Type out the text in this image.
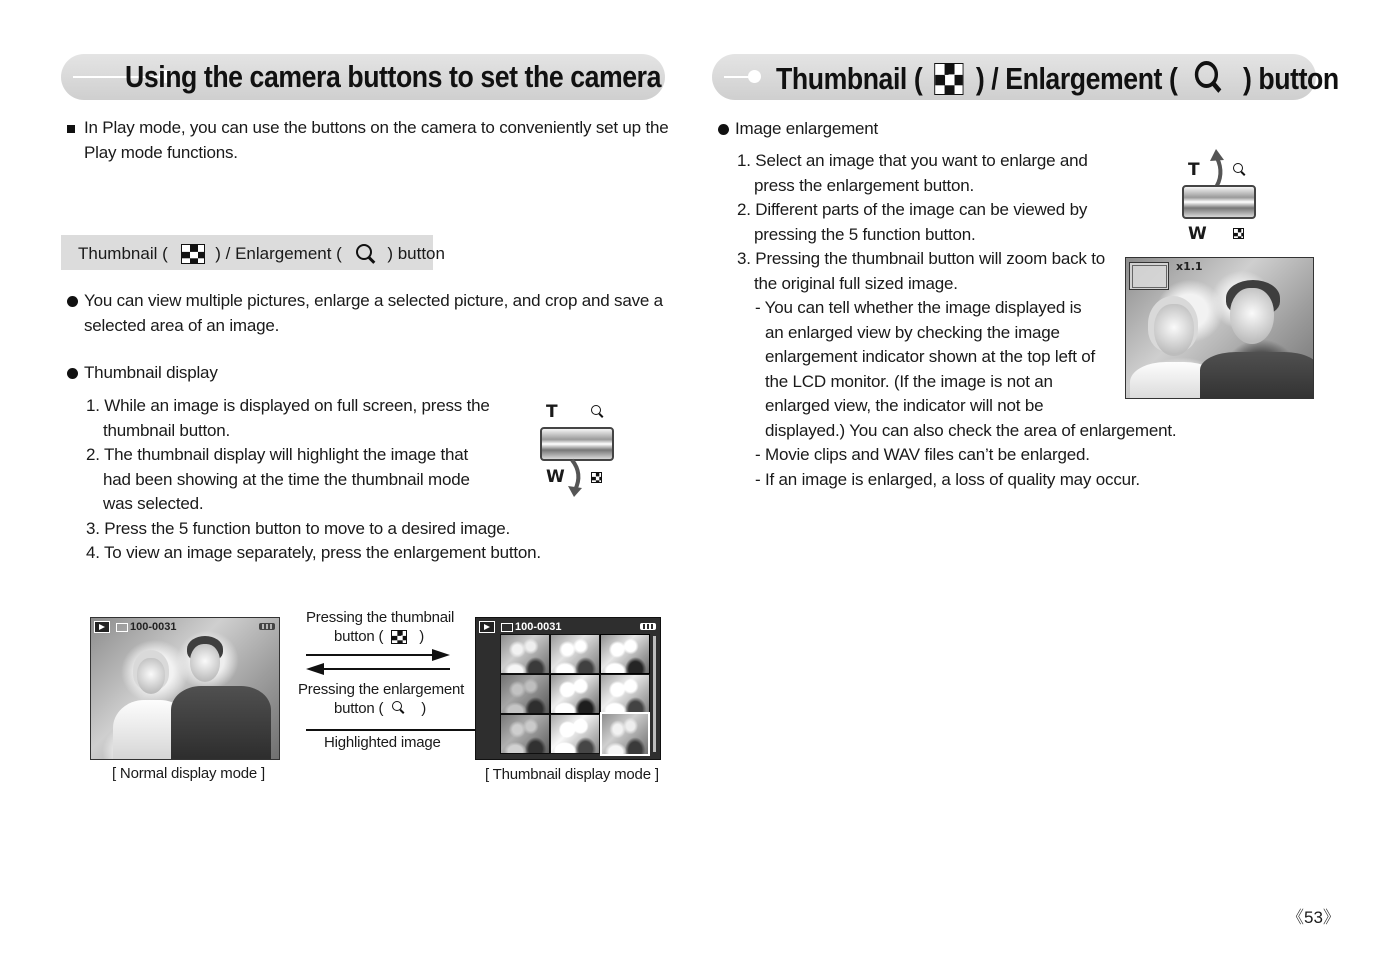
Using the camera buttons to set the camera	Thumbnail ( ) / Enlargement ( ) button
In Play mode, you can use the buttons on the camera to conveniently set up the
Play mode functions.
Thumbnail (	) / Enlargement (	) button
You can view multiple pictures, enlarge a selected picture, and crop and save a
selected area of an image.
Thumbnail display
1. While an image is displayed on full screen, press the
thumbnail button.
2. The thumbnail display will highlight the image that
had been showing at the time the thumbnail mode
was selected.
3. Press the 5 function button to move to a desired image.
4. To view an image separately, press the enlargement button.
T
W
100-0031
[ Normal display mode ]
Pressing the thumbnail
button ( )
Pressing the enlargement
button (	)
Highlighted image
100-0031
[ Thumbnail display mode ]
Image enlargement
1. Select an image that you want to enlarge and
press the enlargement button.
2. Different parts of the image can be viewed by
pressing the 5 function button.
3. Pressing the thumbnail button will zoom back to
the original full sized image.
- You can tell whether the image displayed is
an enlarged view by checking the image
enlargement indicator shown at the top left of
the LCD monitor. (If the image is not an
enlarged view, the indicator will not be
displayed.) You can also check the area of enlargement.
- Movie clips and WAV files can’t be enlarged.
- If an image is enlarged, a loss of quality may occur.
T
W
x1.1
《53》
